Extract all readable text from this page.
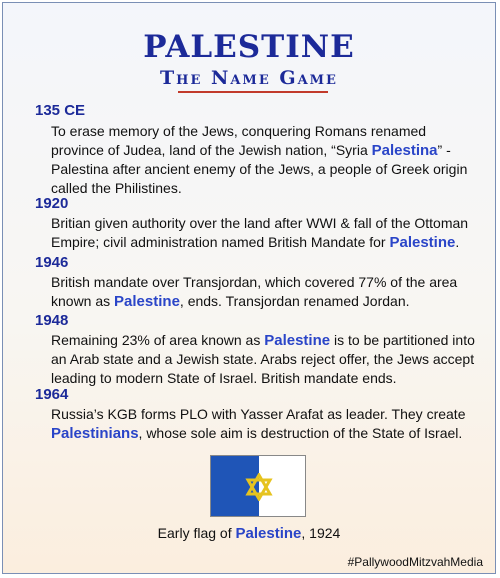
PALESTINE
The Name Game
135 CE
To erase memory of the Jews, conquering Romans renamed
province of Judea, land of the Jewish nation, “Syria Palestina” -
Palestina after ancient enemy of the Jews, a people of Greek origin
called the Philistines.
1920
Britian given authority over the land after WWI & fall of the Ottoman
Empire; civil administration named British Mandate for Palestine.
1946
British mandate over Transjordan, which covered 77% of the area
known as Palestine, ends. Transjordan renamed Jordan.
1948
Remaining 23% of area known as Palestine is to be partitioned into
an Arab state and a Jewish state. Arabs reject offer, the Jews accept
leading to modern State of Israel. British mandate ends.
1964
Russia’s KGB forms PLO with Yasser Arafat as leader. They create
Palestinians, whose sole aim is destruction of the State of Israel.
Early flag of Palestine, 1924
#PallywoodMitzvahMedia
